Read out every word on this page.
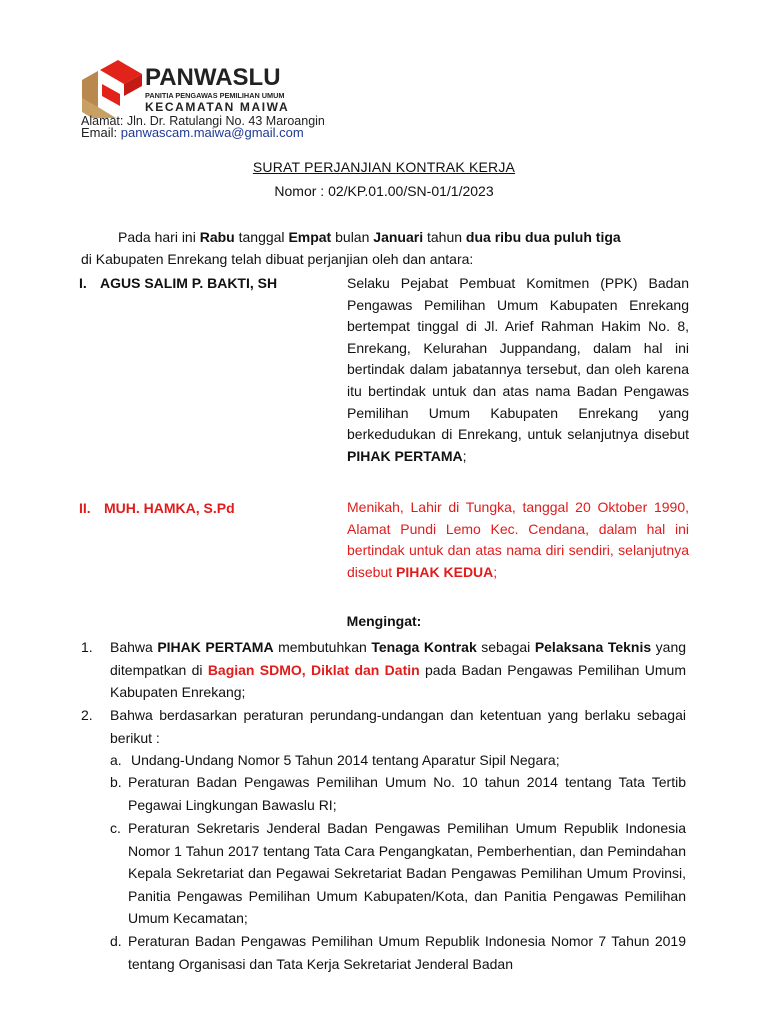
PANWASLU
PANITIA PENGAWAS PEMILIHAN UMUM
KECAMATAN MAIWA
Alamat: Jln. Dr. Ratulangi No. 43 Maroangin
Email: panwascam.maiwa@gmail.com
SURAT PERJANJIAN KONTRAK KERJA
Nomor : 02/KP.01.00/SN-01/1/2023
Pada hari ini Rabu tanggal Empat bulan Januari tahun dua ribu dua puluh tiga
di Kabupaten Enrekang telah dibuat perjanjian oleh dan antara:
I. AGUS SALIM P. BAKTI, SH	Selaku Pejabat Pembuat Komitmen (PPK) Badan Pengawas Pemilihan Umum Kabupaten Enrekang bertempat tinggal di Jl. Arief Rahman Hakim No. 8, Enrekang, Kelurahan Juppandang, dalam hal ini bertindak dalam jabatannya tersebut, dan oleh karena itu bertindak untuk dan atas nama Badan Pengawas Pemilihan Umum Kabupaten Enrekang yang berkedudukan di Enrekang, untuk selanjutnya disebut PIHAK PERTAMA;
II. MUH. HAMKA, S.Pd	Menikah, Lahir di Tungka, tanggal 20 Oktober 1990, Alamat Pundi Lemo Kec. Cendana, dalam hal ini bertindak untuk dan atas nama diri sendiri, selanjutnya disebut PIHAK KEDUA;
Mengingat:
1. Bahwa PIHAK PERTAMA membutuhkan Tenaga Kontrak sebagai Pelaksana Teknis yang ditempatkan di Bagian SDMO, Diklat dan Datin pada Badan Pengawas Pemilihan Umum Kabupaten Enrekang;
2. Bahwa berdasarkan peraturan perundang-undangan dan ketentuan yang berlaku sebagai berikut :
a. Undang-Undang Nomor 5 Tahun 2014 tentang Aparatur Sipil Negara;
b. Peraturan Badan Pengawas Pemilihan Umum No. 10 tahun 2014 tentang Tata Tertib Pegawai Lingkungan Bawaslu RI;
c. Peraturan Sekretaris Jenderal Badan Pengawas Pemilihan Umum Republik Indonesia Nomor 1 Tahun 2017 tentang Tata Cara Pengangkatan, Pemberhentian, dan Pemindahan Kepala Sekretariat dan Pegawai Sekretariat Badan Pengawas Pemilihan Umum Provinsi, Panitia Pengawas Pemilihan Umum Kabupaten/Kota, dan Panitia Pengawas Pemilihan Umum Kecamatan;
d. Peraturan Badan Pengawas Pemilihan Umum Republik Indonesia Nomor 7 Tahun 2019 tentang Organisasi dan Tata Kerja Sekretariat Jenderal Badan
